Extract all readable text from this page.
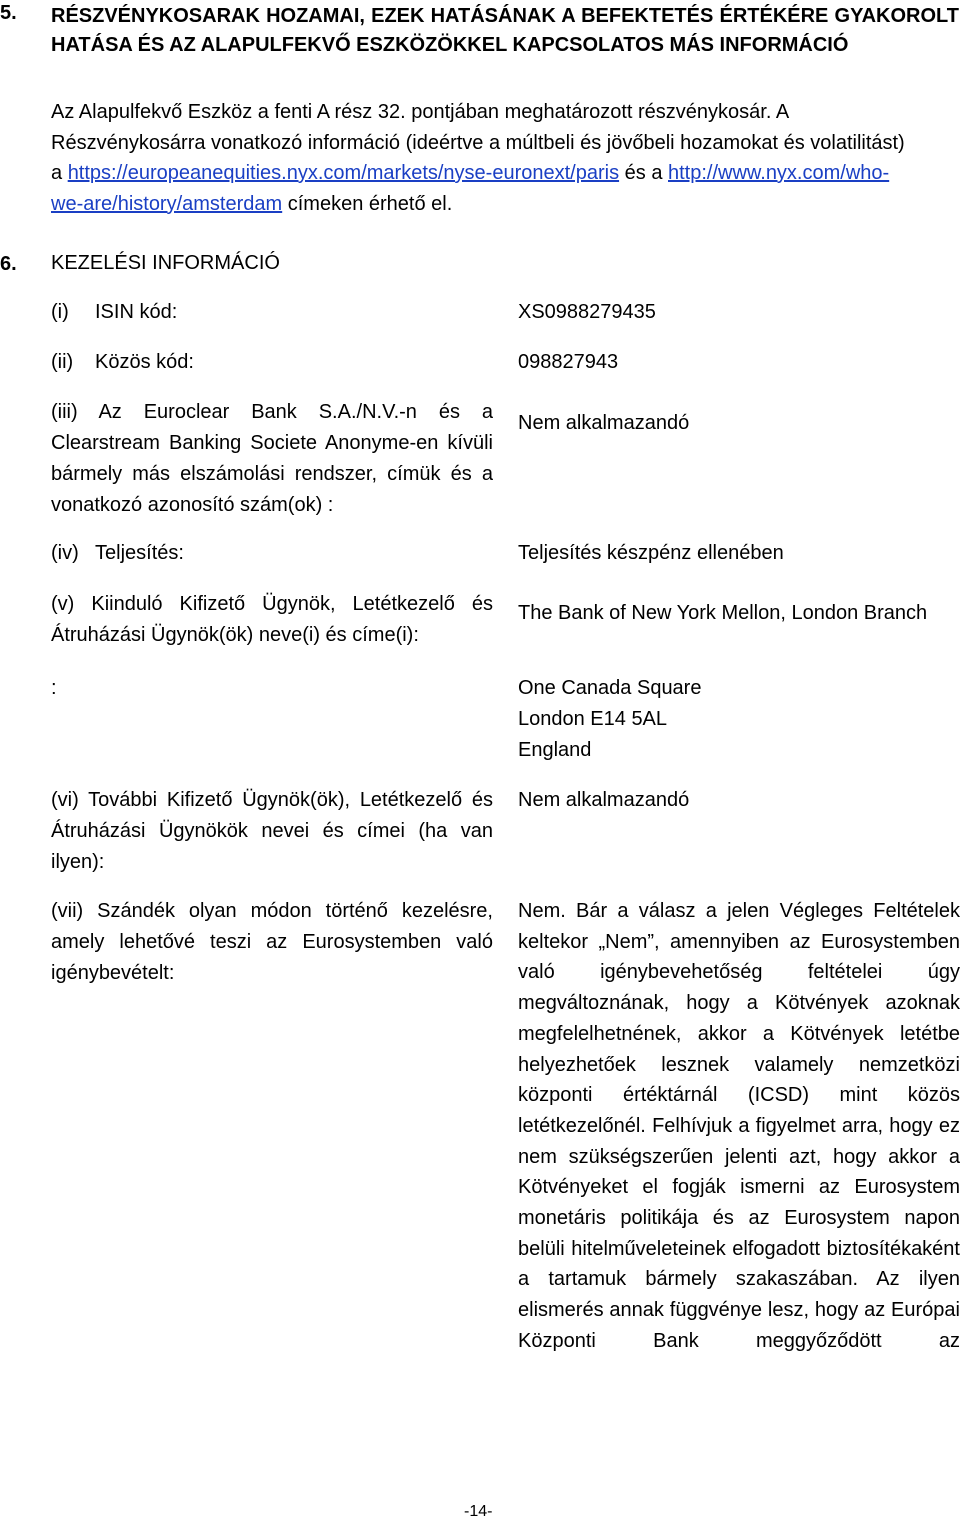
5. RÉSZVÉNYKOSARAK HOZAMAI, EZEK HATÁSÁNAK A BEFEKTETÉS ÉRTÉKÉRE GYAKOROLT HATÁSA ÉS AZ ALAPULFEKVŐ ESZKÖZÖKKEL KAPCSOLATOS MÁS INFORMÁCIÓ
Az Alapulfekvő Eszköz a fenti A rész 32. pontjában meghatározott részvénykosár. A Részvénykosárra vonatkozó információ (ideértve a múltbeli és jövőbeli hozamokat és volatilitást) a https://europeanequities.nyx.com/markets/nyse-euronext/paris és a http://www.nyx.com/who-we-are/history/amsterdam címeken érhető el.
6. KEZELÉSI INFORMÁCIÓ
(i) ISIN kód:	XS0988279435
(ii) Közös kód:	098827943
(iii) Az Euroclear Bank S.A./N.V.-n és a Clearstream Banking Societe Anonyme-en kívüli bármely más elszámolási rendszer, címük és a vonatkozó azonosító szám(ok) :
Nem alkalmazandó
(iv) Teljesítés:	Teljesítés készpénz ellenében
(v) Kiinduló Kifizető Ügynök, Letétkezelő és Átruházási Ügynök(ök) neve(i) és címe(i):
:
The Bank of New York Mellon, London Branch
One Canada Square
London E14 5AL
England
(vi) További Kifizető Ügynök(ök), Letétkezelő és Átruházási Ügynökök nevei és címei (ha van ilyen):
Nem alkalmazandó
(vii) Szándék olyan módon történő kezelésre, amely lehetővé teszi az Eurosystemben való igénybevételt:
Nem. Bár a válasz a jelen Végleges Feltételek keltekor „Nem”, amennyiben az Eurosystemben való igénybevehetőség feltételei úgy megváltoznának, hogy a Kötvények azoknak megfelelhetnének, akkor a Kötvények letétbe helyezhetőek lesznek valamely nemzetközi központi értéktárnál (ICSD) mint közös letétkezelőnél. Felhívjuk a figyelmet arra, hogy ez nem szükségszerűen jelenti azt, hogy akkor a Kötvényeket el fogják ismerni az Eurosystem monetáris politikája és az Eurosystem napon belüli hitelműveleteinek elfogadott biztosítékaként a tartamuk bármely szakaszában. Az ilyen elismerés annak függvénye lesz, hogy az Európai Központi Bank meggyőződött az
-14-
